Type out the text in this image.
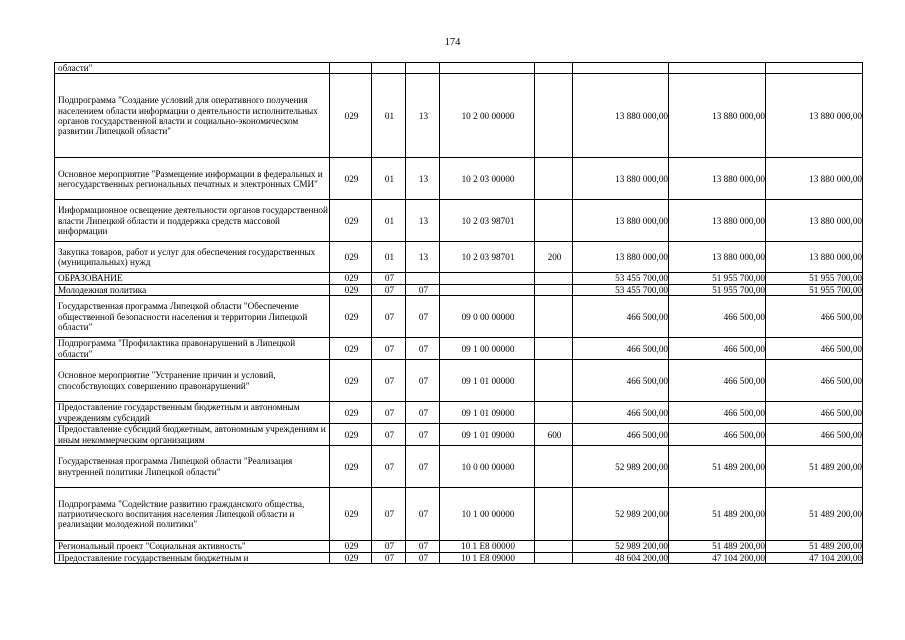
174
области"								
Подпрограмма "Создание условий для оперативного получения населением области информации о деятельности исполнительных органов государственной власти и социально-экономическом развитии Липецкой области"	029	01	13	10 2 00 00000		13 880 000,00	13 880 000,00	13 880 000,00
Основное мероприятие "Размещение информации в федеральных и негосударственных региональных печатных и электронных СМИ"	029	01	13	10 2 03 00000		13 880 000,00	13 880 000,00	13 880 000,00
Информационное освещение деятельности органов государственной власти Липецкой области и поддержка средств массовой информации	029	01	13	10 2 03 98701		13 880 000,00	13 880 000,00	13 880 000,00
Закупка товаров, работ и услуг для обеспечения государственных (муниципальных) нужд	029	01	13	10 2 03 98701	200	13 880 000,00	13 880 000,00	13 880 000,00
ОБРАЗОВАНИЕ	029	07				53 455 700,00	51 955 700,00	51 955 700,00
Молодежная политика	029	07	07			53 455 700,00	51 955 700,00	51 955 700,00
Государственная программа Липецкой области "Обеспечение общественной безопасности населения и территории Липецкой области"	029	07	07	09 0 00 00000		466 500,00	466 500,00	466 500,00
Подпрограмма "Профилактика правонарушений в Липецкой области"	029	07	07	09 1 00 00000		466 500,00	466 500,00	466 500,00
Основное мероприятие "Устранение причин и условий, способствующих совершению правонарушений"	029	07	07	09 1 01 00000		466 500,00	466 500,00	466 500,00
Предоставление государственным бюджетным и автономным учреждениям субсидий	029	07	07	09 1 01 09000		466 500,00	466 500,00	466 500,00
Предоставление субсидий бюджетным, автономным учреждениям и иным некоммерческим организациям	029	07	07	09 1 01 09000	600	466 500,00	466 500,00	466 500,00
Государственная программа Липецкой области "Реализация внутренней политики Липецкой области"	029	07	07	10 0 00 00000		52 989 200,00	51 489 200,00	51 489 200,00
Подпрограмма "Содействие развитию гражданского общества, патриотического воспитания населения Липецкой области и реализации молодежной политики"	029	07	07	10 1 00 00000		52 989 200,00	51 489 200,00	51 489 200,00
Региональный проект "Социальная активность"	029	07	07	10 1 E8 00000		52 989 200,00	51 489 200,00	51 489 200,00
Предоставление государственным бюджетным и	029	07	07	10 1 E8 09000		48 604 200,00	47 104 200,00	47 104 200,00
